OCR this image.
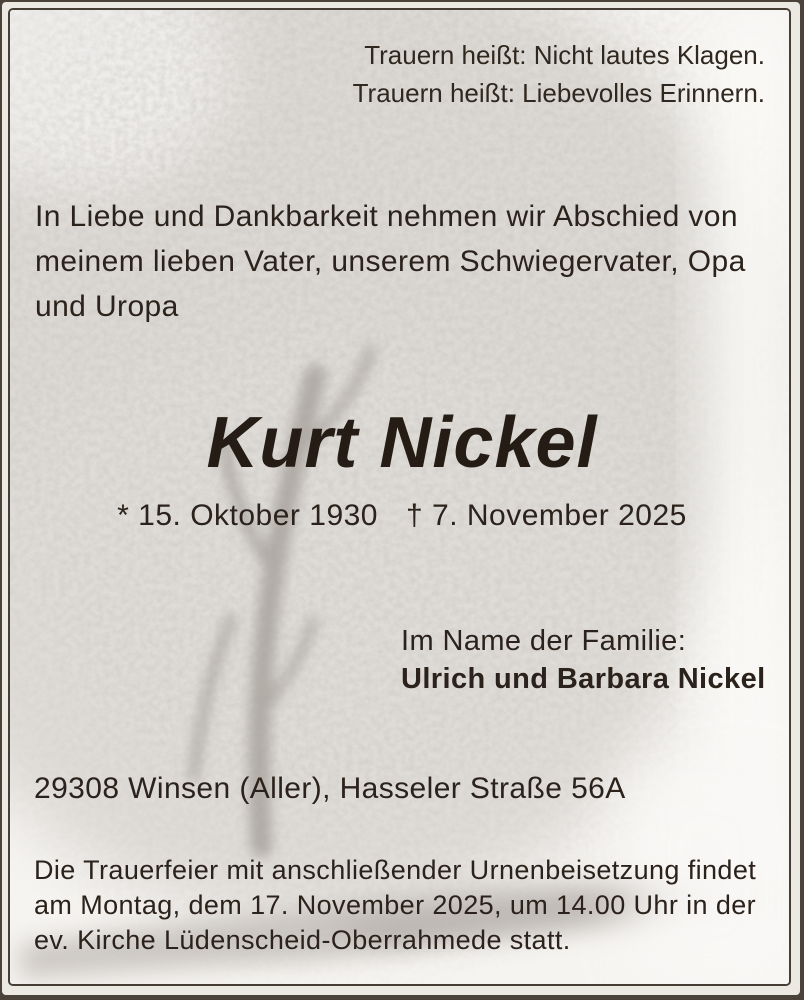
Trauern heißt: Nicht lautes Klagen.
Trauern heißt: Liebevolles Erinnern.
In Liebe und Dankbarkeit nehmen wir Abschied von
meinem lieben Vater, unserem Schwiegervater, Opa
und Uropa
Kurt Nickel
* 15. Oktober 1930 † 7. November 2025
Im Name der Familie:
Ulrich und Barbara Nickel
29308 Winsen (Aller), Hasseler Straße 56A
Die Trauerfeier mit anschließender Urnenbeisetzung findet
am Montag, dem 17. November 2025, um 14.00 Uhr in der
ev. Kirche Lüdenscheid-Oberrahmede statt.
